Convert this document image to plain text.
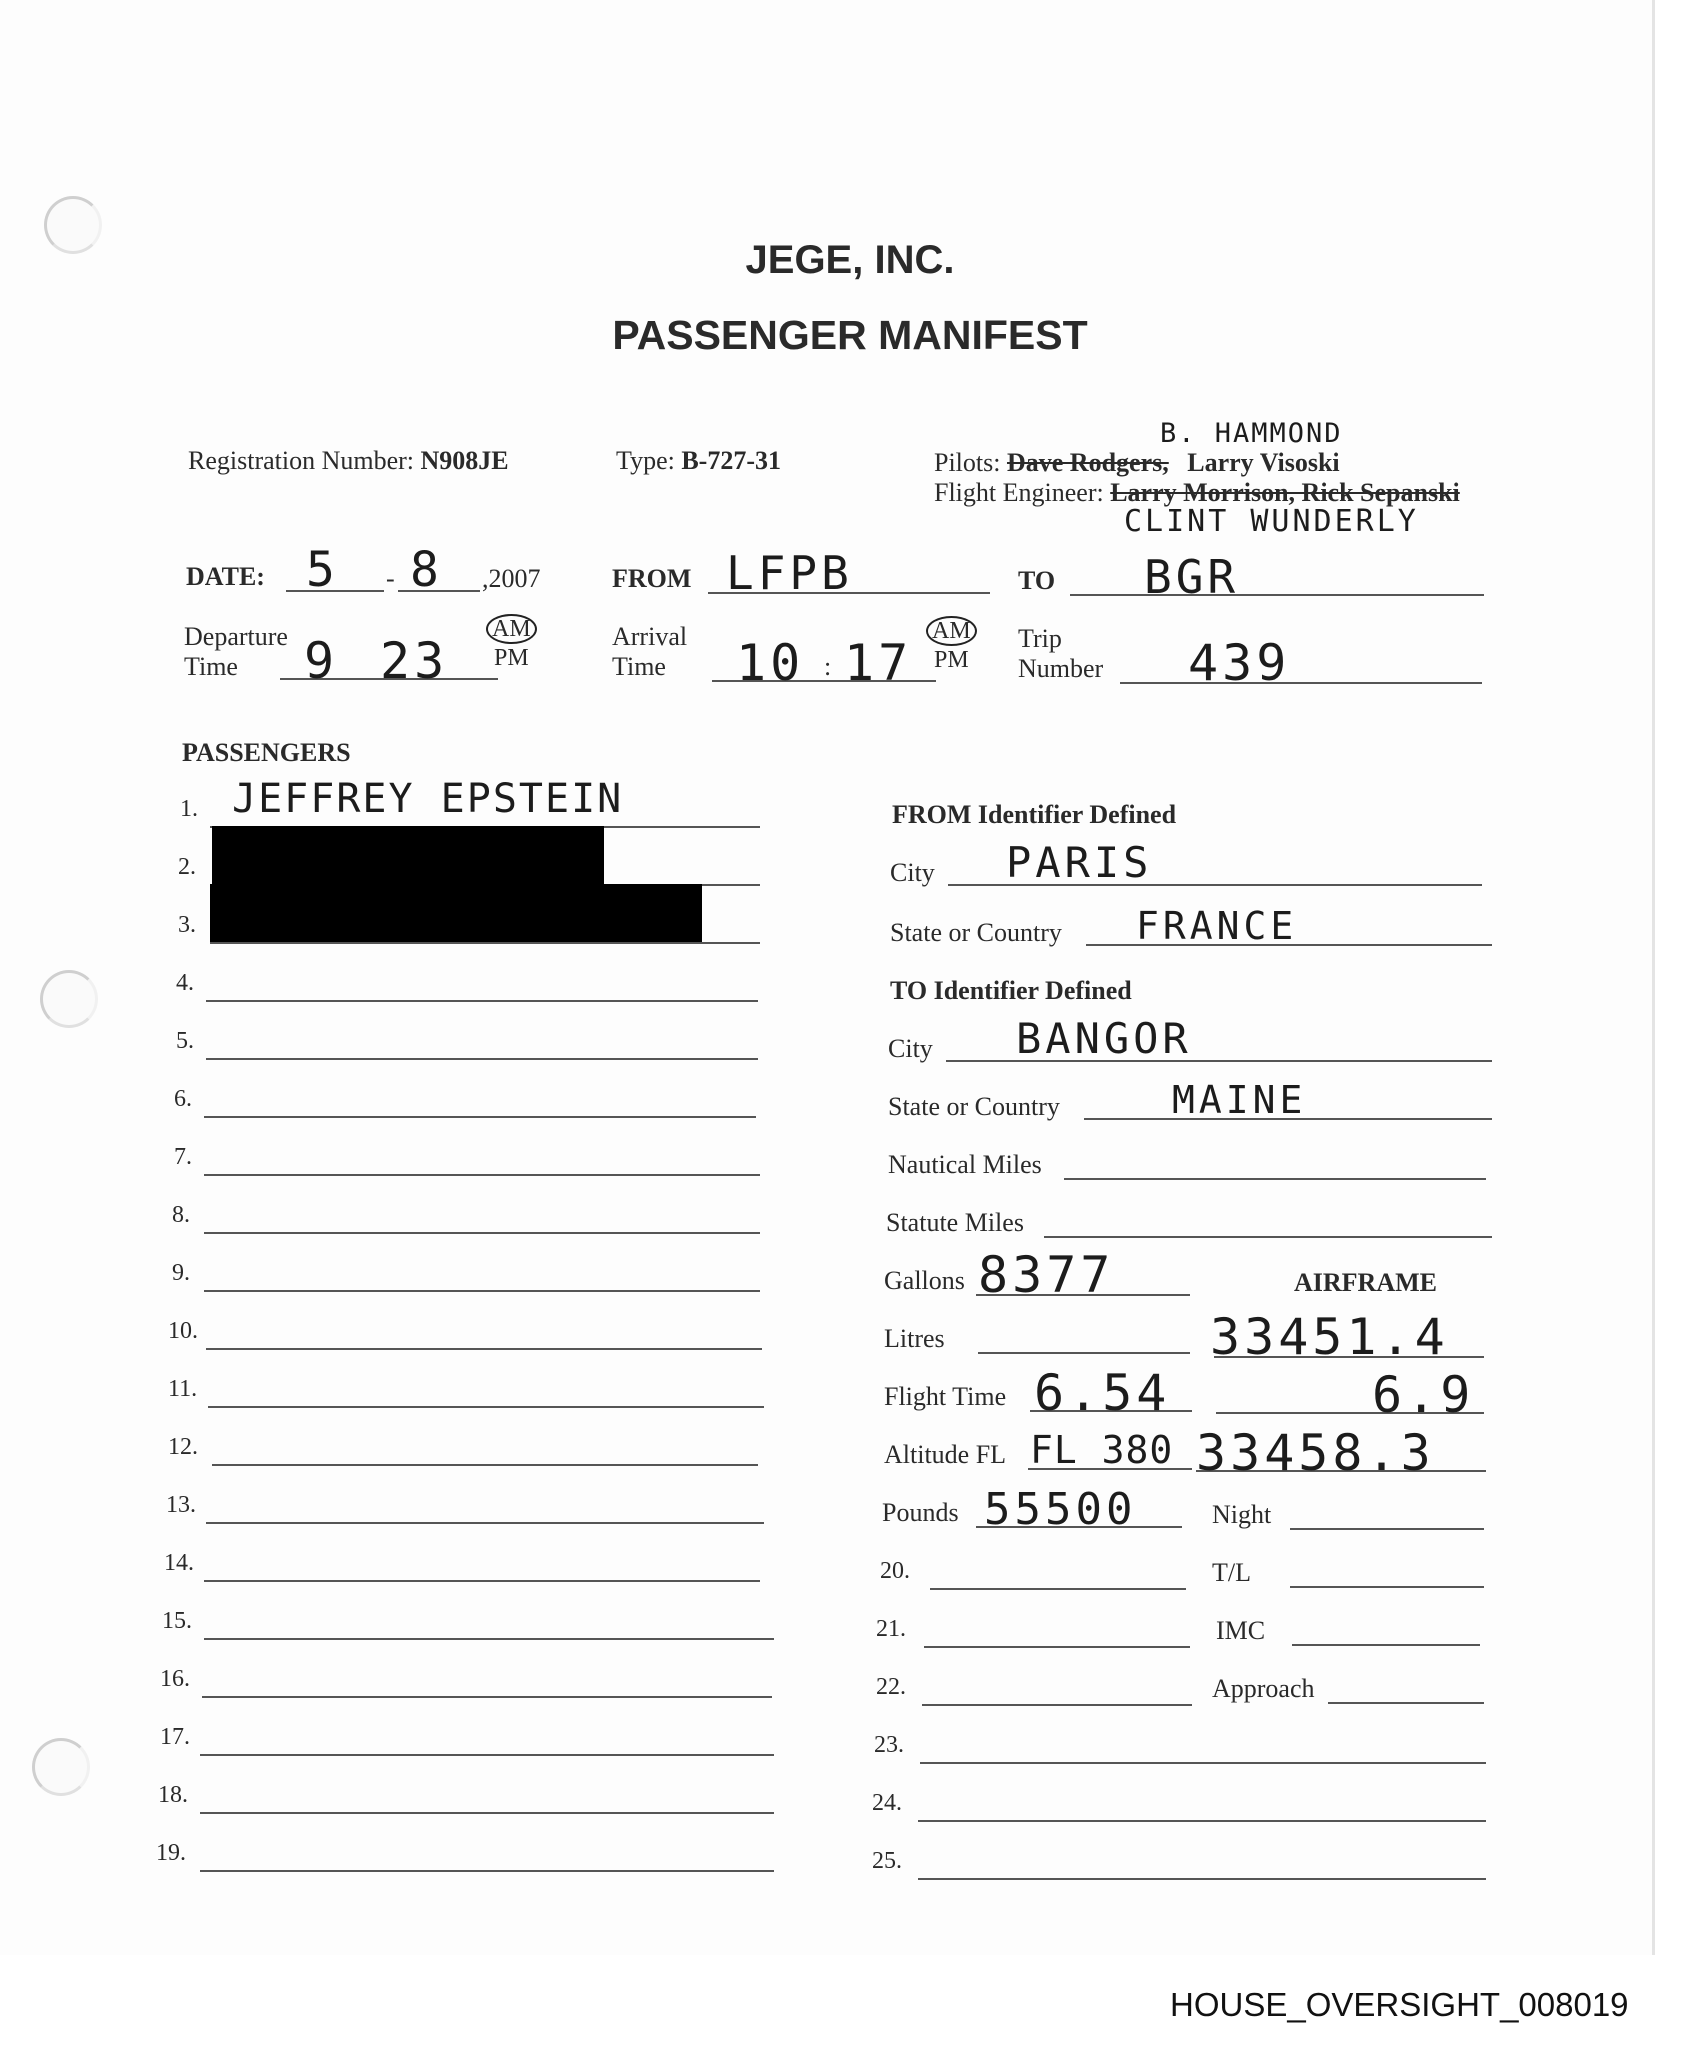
JEGE, INC.
PASSENGER MANIFEST
Registration Number: N908JE	Type: B-727-31
B. HAMMOND
Pilots: Dave Rodgers, Larry Visoski
Flight Engineer: Larry Morrison, Rick Sepanski
CLINT WUNDERLY
DATE: 5 - 8 ,2007	FROM LFPB	TO BGR
Departure
Time	9 23
AM
PM
Arrival
Time	10 : 17
AM
PM
Trip
Number 439
PASSENGERS
1. JEFFREY EPSTEIN
2.
3.
4.
5.
6.
7.
8.
9.
10.
11.
12.
13.
14.
15.
16.
17.
18.
19.
FROM Identifier Defined
City PARIS
State or Country FRANCE
TO Identifier Defined
City BANGOR
State or Country	MAINE
Nautical Miles
Statute Miles
Gallons 8377	AIRFRAME
Litres	33451.4
Flight Time 6.54	6.9
Altitude FL FL 380 33458.3
Pounds 55500	Night
T/L
IMC
Approach
20.
21.
22.
23.
24.
25.
HOUSE_OVERSIGHT_008019
